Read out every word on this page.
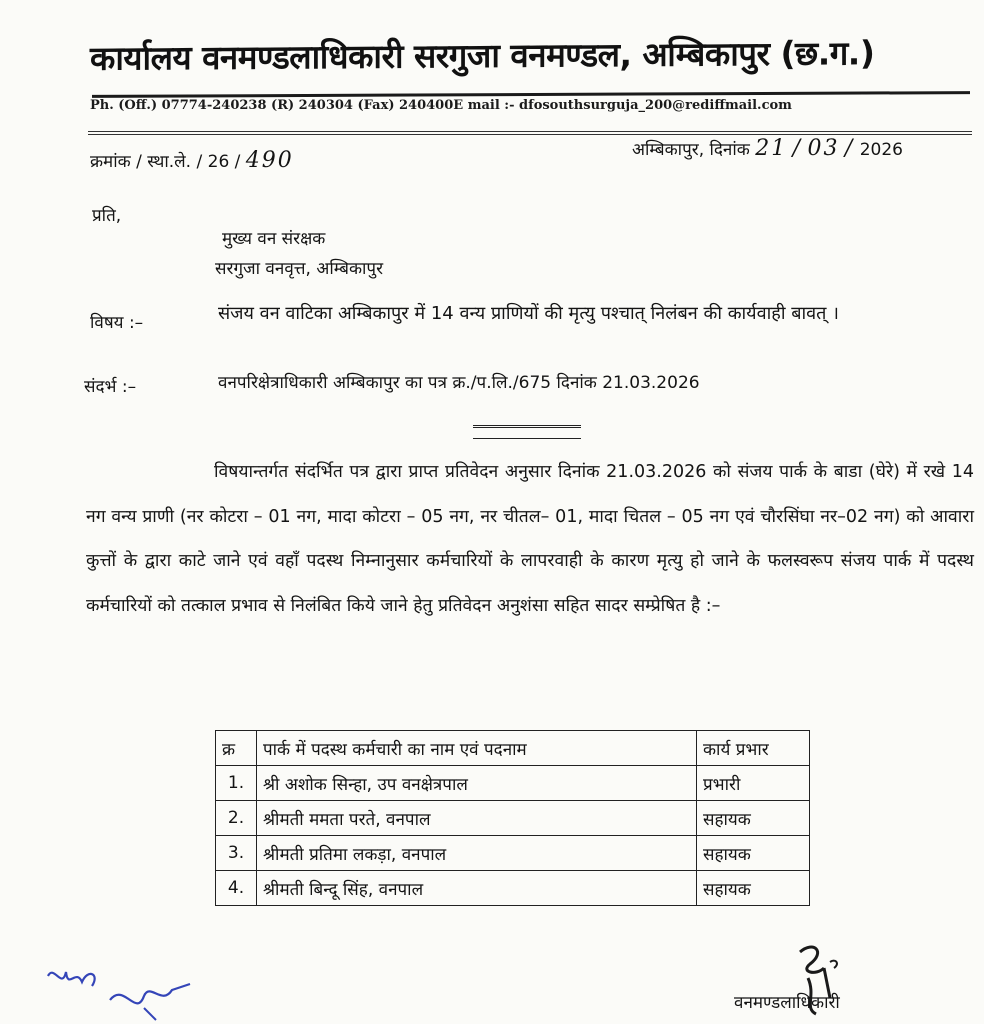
कार्यालय वनमण्डलाधिकारी सरगुजा वनमण्डल, अम्बिकापुर (छ.ग.)
Ph. (Off.) 07774-240238 (R) 240304 (Fax) 240400E mail :- dfosouthsurguja_200@rediffmail.com
क्रमांक / स्था.ले. / 26 / 490	अम्बिकापुर, दिनांक 21 / 03 / 2026
प्रति,
मुख्य वन संरक्षक
सरगुजा वनवृत्त, अम्बिकापुर
विषय :–	संजय वन वाटिका अम्बिकापुर में 14 वन्य प्राणियों की मृत्यु पश्चात् निलंबन की कार्यवाही बावत् ।
संदर्भ :–	वनपरिक्षेत्राधिकारी अम्बिकापुर का पत्र क्र./प.लि./675 दिनांक 21.03.2026
विषयान्तर्गत संदर्भित पत्र द्वारा प्राप्त प्रतिवेदन अनुसार दिनांक 21.03.2026 को संजय पार्क के बाडा (घेरे) में रखे 14 नग वन्य प्राणी (नर कोटरा – 01 नग, मादा कोटरा – 05 नग, नर चीतल– 01, मादा चितल – 05 नग एवं चौरसिंघा नर–02 नग) को आवारा कुत्तों के द्वारा काटे जाने एवं वहाँ पदस्थ निम्नानुसार कर्मचारियों के लापरवाही के कारण मृत्यु हो जाने के फलस्वरूप संजय पार्क में पदस्थ कर्मचारियों को तत्काल प्रभाव से निलंबित किये जाने हेतु प्रतिवेदन अनुशंसा सहित सादर सम्प्रेषित है :–
क्र	पार्क में पदस्थ कर्मचारी का नाम एवं पदनाम	कार्य प्रभार
1.	श्री अशोक सिन्हा, उप वनक्षेत्रपाल	प्रभारी
2.	श्रीमती ममता परते, वनपाल	सहायक
3.	श्रीमती प्रतिमा लकड़ा, वनपाल	सहायक
4.	श्रीमती बिन्दू सिंह, वनपाल	सहायक
वनमण्डलाधिकारी
